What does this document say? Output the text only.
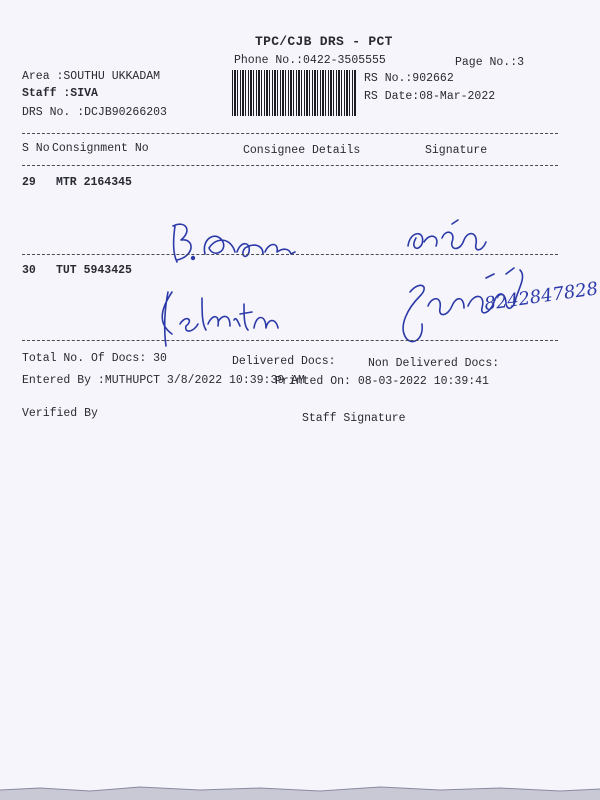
TPC/CJB DRS - PCT
Phone No.:0422-3505555	Page No.:3
Area :SOUTHU UKKADAM
Staff :SIVA
DRS No. :DCJB90266203
RS No.:902662
RS Date:08-Mar-2022
S No Consignment No	Consignee Details	Signature
29 MTR 2164345
30 TUT 5943425
8242847828
Total No. Of Docs: 30	Delivered Docs:	Non Delivered Docs:
Entered By :MUTHUPCT 3/8/2022 10:39:39 AM
Printed On: 08-03-2022 10:39:41
Verified By	Staff Signature
